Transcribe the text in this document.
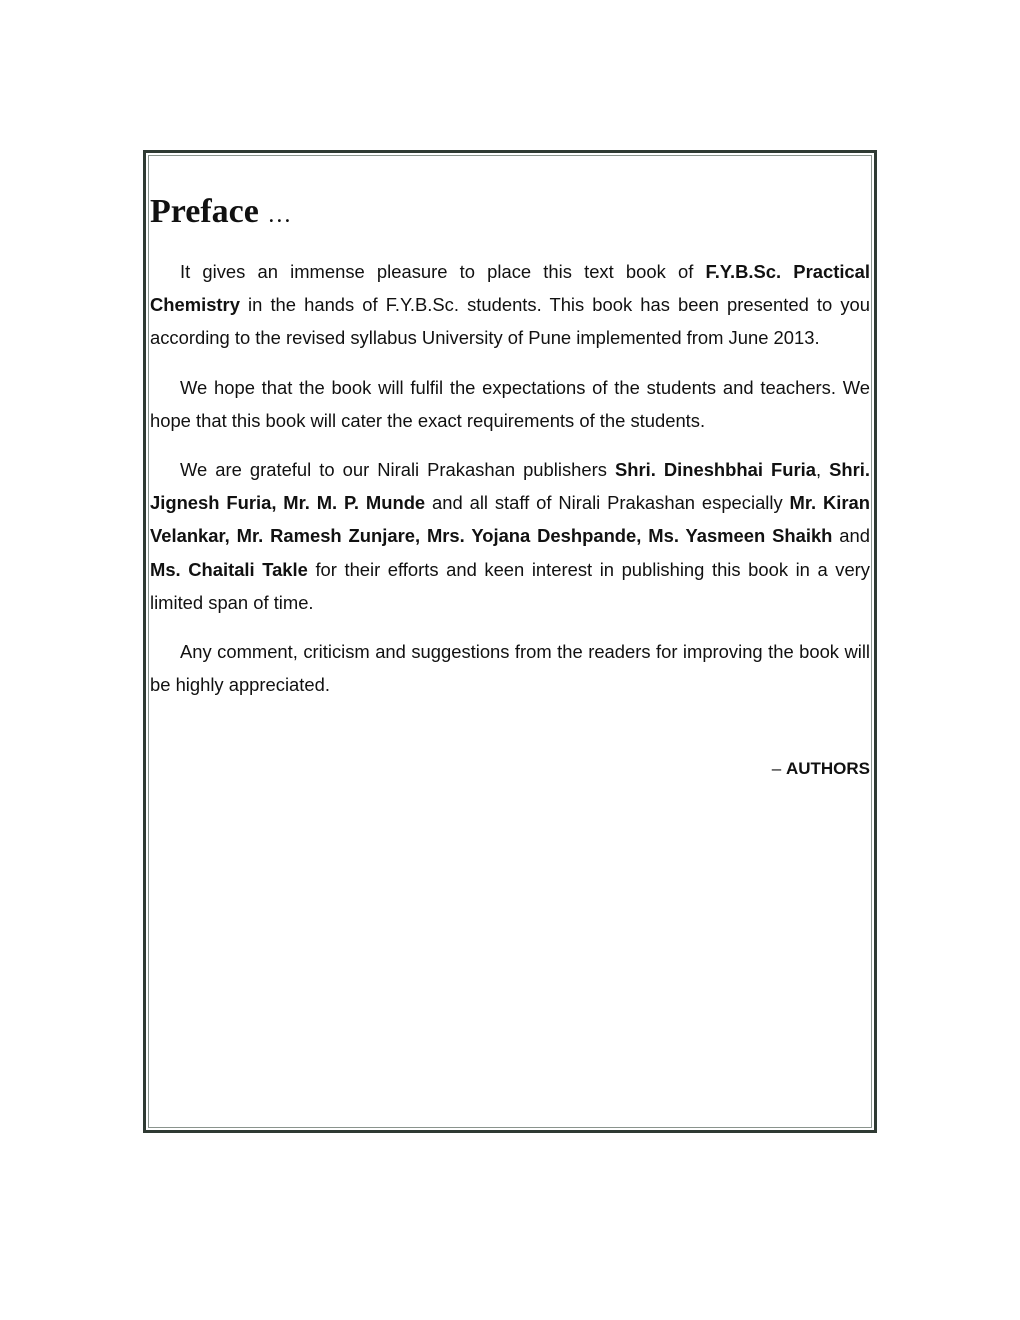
Preface …

It gives an immense pleasure to place this text book of F.Y.B.Sc. Practical Chemistry in the hands of F.Y.B.Sc. students. This book has been presented to you according to the revised syllabus University of Pune implemented from June 2013.

We hope that the book will fulfil the expectations of the students and teachers. We hope that this book will cater the exact requirements of the students.

We are grateful to our Nirali Prakashan publishers Shri. Dineshbhai Furia, Shri. Jignesh Furia, Mr. M. P. Munde and all staff of Nirali Prakashan especially Mr. Kiran Velankar, Mr. Ramesh Zunjare, Mrs. Yojana Deshpande, Ms. Yasmeen Shaikh and Ms. Chaitali Takle for their efforts and keen interest in publishing this book in a very limited span of time.

Any comment, criticism and suggestions from the readers for improving the book will be highly appreciated.

– AUTHORS
